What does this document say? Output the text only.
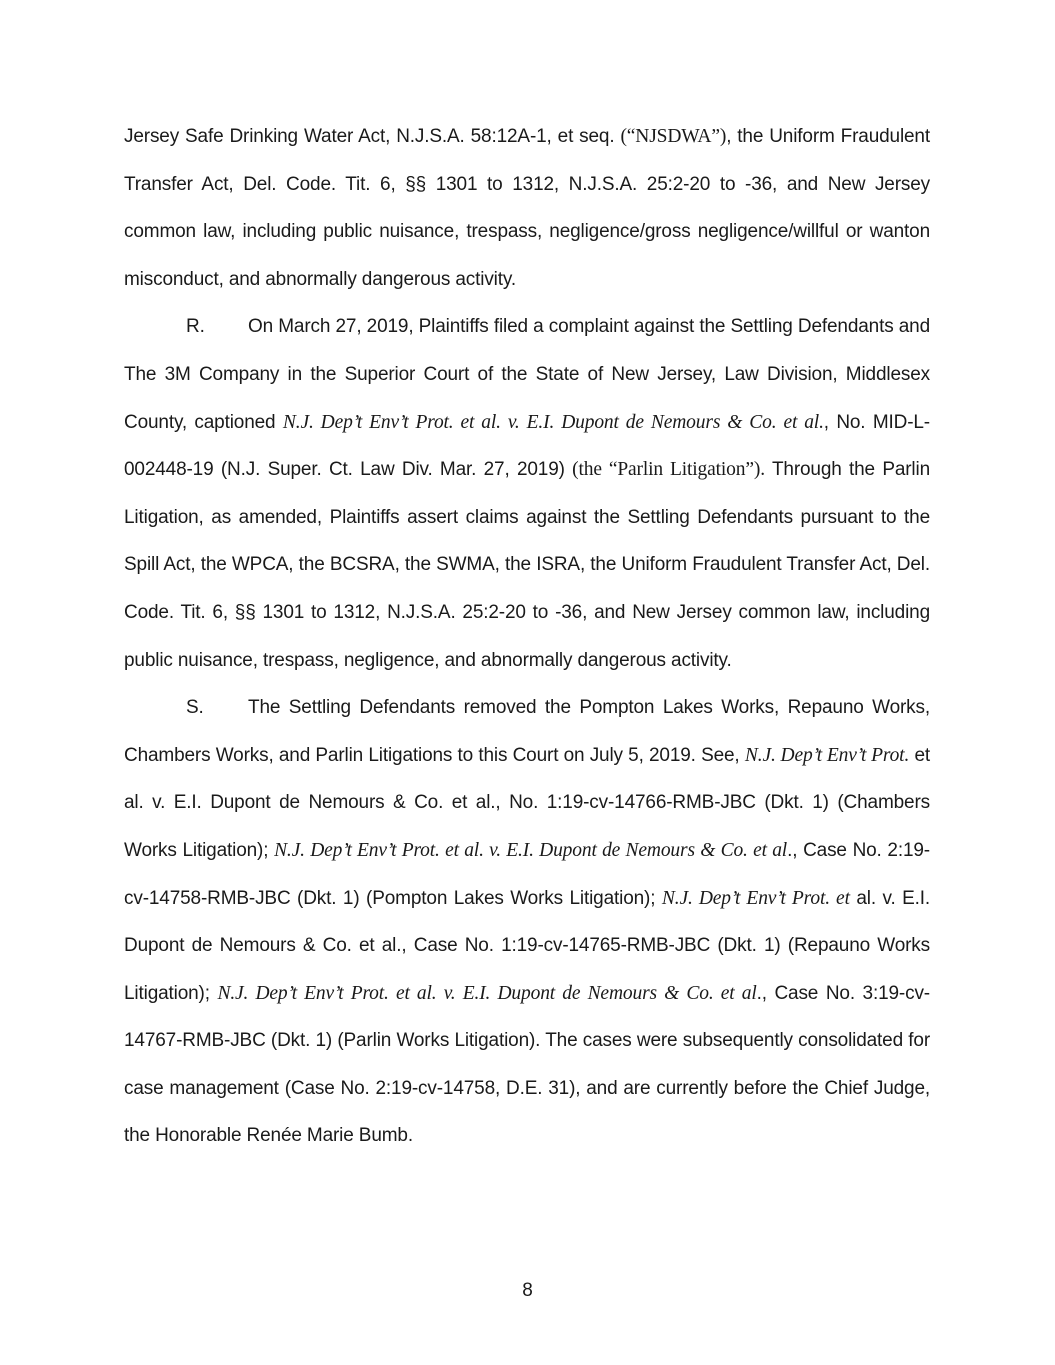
Jersey Safe Drinking Water Act, N.J.S.A. 58:12A-1, et seq. (“NJSDWA”), the Uniform Fraudulent Transfer Act, Del. Code. Tit. 6, §§ 1301 to 1312, N.J.S.A. 25:2-20 to -36, and New Jersey common law, including public nuisance, trespass, negligence/gross negligence/willful or wanton misconduct, and abnormally dangerous activity.

R. On March 27, 2019, Plaintiffs filed a complaint against the Settling Defendants and The 3M Company in the Superior Court of the State of New Jersey, Law Division, Middlesex County, captioned N.J. Dep’t Env’t Prot. et al. v. E.I. Dupont de Nemours & Co. et al., No. MID-L-002448-19 (N.J. Super. Ct. Law Div. Mar. 27, 2019) (the “Parlin Litigation”). Through the Parlin Litigation, as amended, Plaintiffs assert claims against the Settling Defendants pursuant to the Spill Act, the WPCA, the BCSRA, the SWMA, the ISRA, the Uniform Fraudulent Transfer Act, Del. Code. Tit. 6, §§ 1301 to 1312, N.J.S.A. 25:2-20 to -36, and New Jersey common law, including public nuisance, trespass, negligence, and abnormally dangerous activity.

S. The Settling Defendants removed the Pompton Lakes Works, Repauno Works, Chambers Works, and Parlin Litigations to this Court on July 5, 2019. See, N.J. Dep’t Env’t Prot. et al. v. E.I. Dupont de Nemours & Co. et al., No. 1:19-cv-14766-RMB-JBC (Dkt. 1) (Chambers Works Litigation); N.J. Dep’t Env’t Prot. et al. v. E.I. Dupont de Nemours & Co. et al., Case No. 2:19-cv-14758-RMB-JBC (Dkt. 1) (Pompton Lakes Works Litigation); N.J. Dep’t Env’t Prot. et al. v. E.I. Dupont de Nemours & Co. et al., Case No. 1:19-cv-14765-RMB-JBC (Dkt. 1) (Repauno Works Litigation); N.J. Dep’t Env’t Prot. et al. v. E.I. Dupont de Nemours & Co. et al., Case No. 3:19-cv-14767-RMB-JBC (Dkt. 1) (Parlin Works Litigation). The cases were subsequently consolidated for case management (Case No. 2:19-cv-14758, D.E. 31), and are currently before the Chief Judge, the Honorable Renée Marie Bumb.

8
